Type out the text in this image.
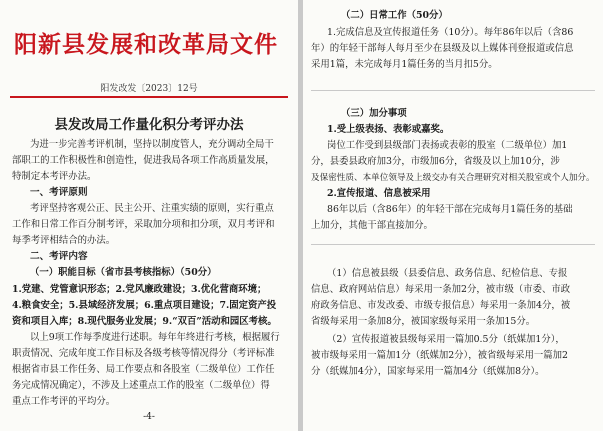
阳新县发展和改革局文件
阳发改发〔2023〕12号
县发改局工作量化积分考评办法
为进一步完善考评机制，坚持以制度管人，充分调动全局干
部职工的工作积极性和创造性，促进我局各项工作高质量发展，
特制定本考评办法。
一、考评原则
考评坚持客观公正、民主公开、注重实绩的原则，实行重点
工作和日常工作百分制考评，采取加分项和扣分项，双月考评和
每季考评相结合的办法。
二、考评内容
（一）职能目标（省市县考核指标）（50分）
1.党建、党管意识形态；2.党风廉政建设；3.优化营商环境；
4.粮食安全；5.县域经济发展；6.重点项目建设；7.固定资产投
资和项目入库；8.现代服务业发展；9.“双百”活动和园区考核。
以上9项工作每季度进行述职。每年年终进行考核，根据履行
职责情况、完成年度工作目标及各级考核等情况得分（考评标准
根据省市县工作任务、局工作要点和各股室（二级单位）工作任
务完成情况确定），不涉及上述重点工作的股室（二级单位）得
重点工作考评的平均分。
-4-
（二）日常工作（50分）
1.完成信息及宣传报道任务（10分）。每年86年以后（含86
年）的年轻干部每人每月至少在县级及以上媒体刊登报道或信息
采用1篇，未完成每月1篇任务的当月扣5分。
（三）加分事项
1.受上级表扬、表彰或嘉奖。
岗位工作受到县级部门表扬或表彰的股室（二级单位）加1
分，县委县政府加3分，市级加6分，省级及以上加10分，涉
及保密性质、本单位领导及上级交办有关合理研究对相关股室或个人加分。
2.宣传报道、信息被采用
86年以后（含86年）的年轻干部在完成每月1篇任务的基础
上加分，其他干部直接加分。
（1）信息被县级（县委信息、政务信息、纪检信息、专报
信息、政府网站信息）每采用一条加2分，被市级（市委、市政
府政务信息、市发改委、市级专报信息）每采用一条加4分，被
省级每采用一条加8分，被国家级每采用一条加15分。
（2）宣传报道被县级每采用一篇加0.5分（纸媒加1分），
被市级每采用一篇加1分（纸媒加2分），被省级每采用一篇加2
分（纸媒加4分），国家每采用一篇加4分（纸媒加8分）。
